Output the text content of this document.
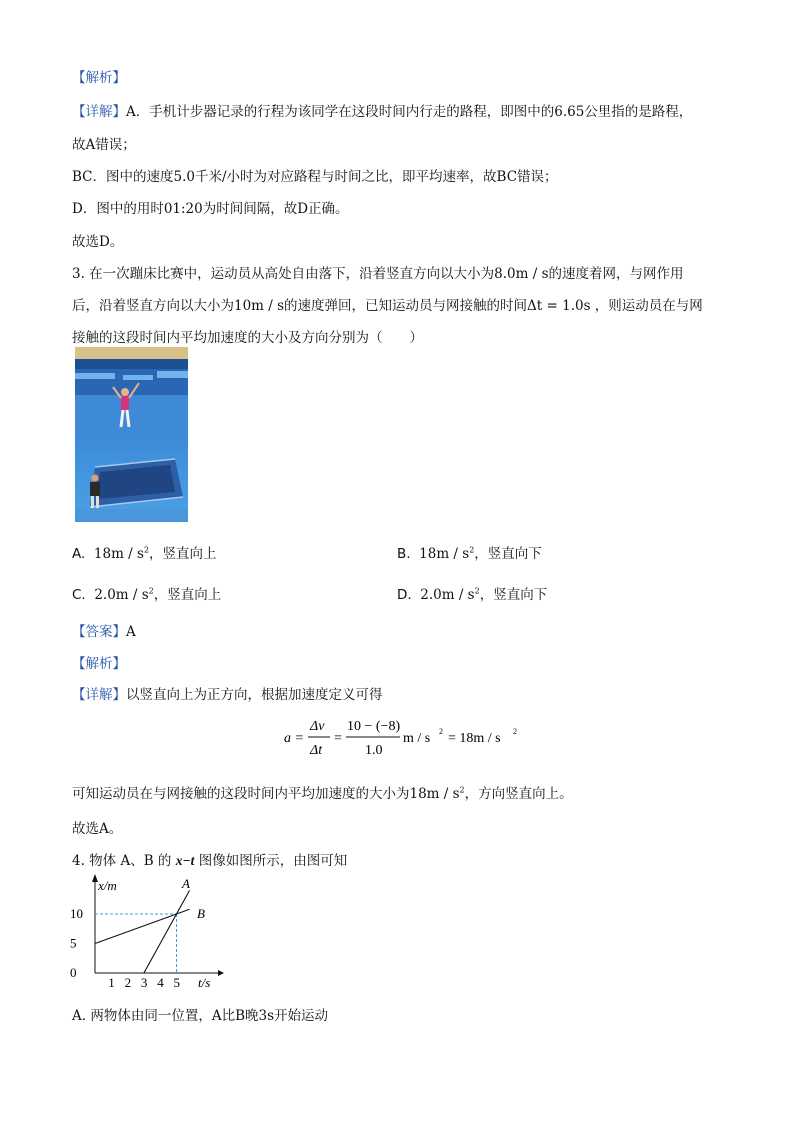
【解析】
【详解】A．手机计步器记录的行程为该同学在这段时间内行走的路程，即图中的6.65公里指的是路程，
故A错误；
BC．图中的速度5.0千米/小时为对应路程与时间之比，即平均速率，故BC错误；
D．图中的用时01:20为时间间隔，故D正确。
故选D。
3. 在一次蹦床比赛中，运动员从高处自由落下，沿着竖直方向以大小为8.0m / s的速度着网，与网作用
后，沿着竖直方向以大小为10m / s的速度弹回，已知运动员与网接触的时间Δt = 1.0s ，则运动员在与网
接触的这段时间内平均加速度的大小及方向分别为（　　）
A. $18m / s^2$，竖直向上	B. $18m / s^2$，竖直向下
C. $2.0m / s^2$，竖直向上	D. $2.0m / s^2$，竖直向下
【答案】A
【解析】
【详解】以竖直向上为正方向，根据加速度定义可得
a =
Δv
Δt
=
10 − (−8)
1.0
m / s 2 = 18m / s 2
可知运动员在与网接触的这段时间内平均加速度的大小为$18m / s^2$，方向竖直向上。
故选A。
4. 物体 A、B 的 x−t 图像如图所示，由图可知
x/m
t/s
10
5
0
1 2 3 4 5
A
B
A. 两物体由同一位置，A比B晚3s开始运动
